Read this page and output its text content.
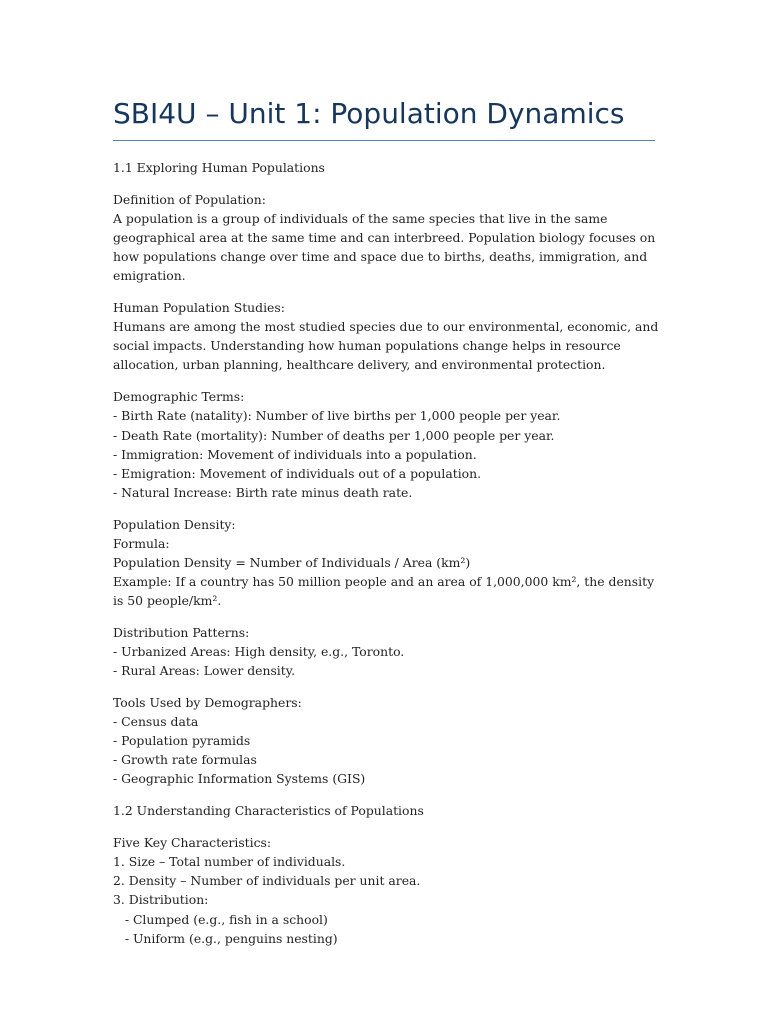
SBI4U – Unit 1: Population Dynamics
1.1 Exploring Human Populations
Definition of Population:
A population is a group of individuals of the same species that live in the same geographical area at the same time and can interbreed. Population biology focuses on how populations change over time and space due to births, deaths, immigration, and emigration.
Human Population Studies:
Humans are among the most studied species due to our environmental, economic, and social impacts. Understanding how human populations change helps in resource allocation, urban planning, healthcare delivery, and environmental protection.
Demographic Terms:
- Birth Rate (natality): Number of live births per 1,000 people per year.
- Death Rate (mortality): Number of deaths per 1,000 people per year.
- Immigration: Movement of individuals into a population.
- Emigration: Movement of individuals out of a population.
- Natural Increase: Birth rate minus death rate.
Population Density:
Formula:
Population Density = Number of Individuals / Area (km²)
Example: If a country has 50 million people and an area of 1,000,000 km², the density is 50 people/km².
Distribution Patterns:
- Urbanized Areas: High density, e.g., Toronto.
- Rural Areas: Lower density.
Tools Used by Demographers:
- Census data
- Population pyramids
- Growth rate formulas
- Geographic Information Systems (GIS)
1.2 Understanding Characteristics of Populations
Five Key Characteristics:
1. Size – Total number of individuals.
2. Density – Number of individuals per unit area.
3. Distribution:
- Clumped (e.g., fish in a school)
- Uniform (e.g., penguins nesting)
